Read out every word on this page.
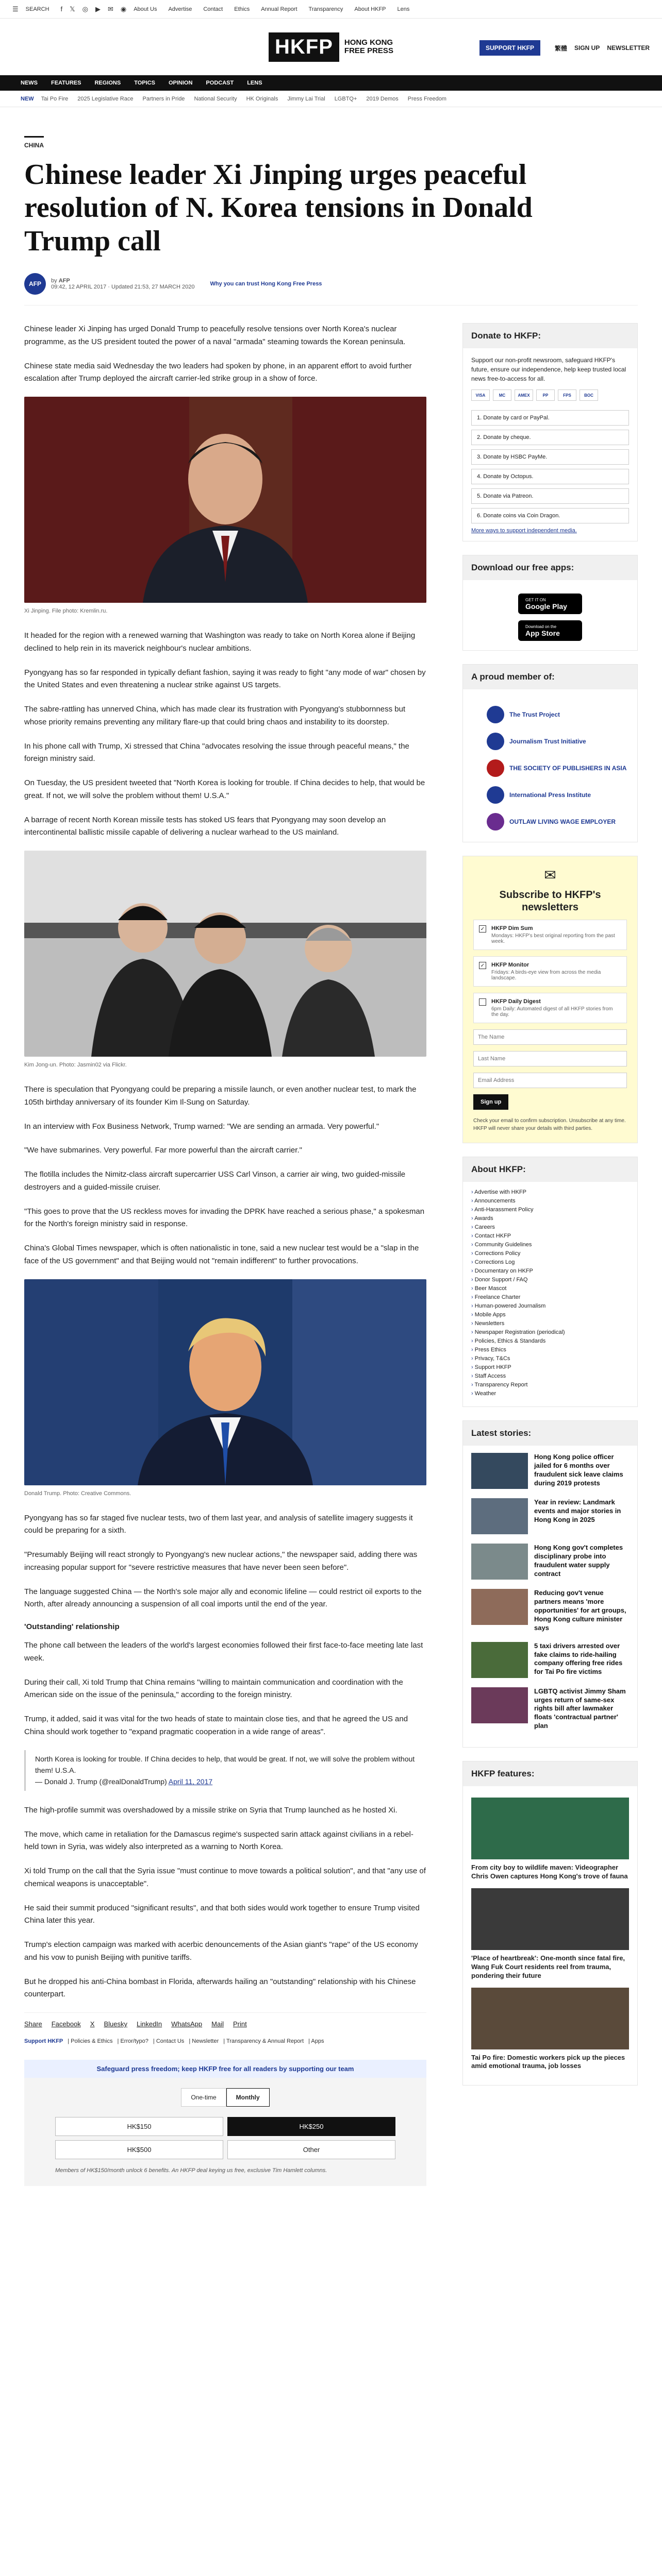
☰ SEARCH f 𝕏 ◎ ▶ ✉ ◉ About Us Advertise Contact Ethics Annual Report Transparency About HKFP Lens
HKFP	HONG KONG
FREE PRESS	SUPPORT HKFP	繁體 SIGN UP NEWSLETTER
NEWS FEATURES REGIONS TOPICS OPINION PODCAST LENS
NEW Tai Po Fire 2025 Legislative Race Partners in Pride National Security HK Originals Jimmy Lai Trial LGBTQ+ 2019 Demos Press Freedom
CHINA
Chinese leader Xi Jinping urges peaceful resolution of N. Korea tensions in Donald Trump call
AFP	by AFP
09:42, 12 APRIL 2017 · Updated 21:53, 27 MARCH 2020	Why you can trust Hong Kong Free Press

Chinese leader Xi Jinping has urged Donald Trump to peacefully resolve tensions over North Korea's nuclear programme, as the US president touted the power of a naval "armada" steaming towards the Korean peninsula.

Chinese state media said Wednesday the two leaders had spoken by phone, in an apparent effort to avoid further escalation after Trump deployed the aircraft carrier-led strike group in a show of force.

Xi Jinping. File photo: Kremlin.ru.

It headed for the region with a renewed warning that Washington was ready to take on North Korea alone if Beijing declined to help rein in its maverick neighbour's nuclear ambitions.

Pyongyang has so far responded in typically defiant fashion, saying it was ready to fight "any mode of war" chosen by the United States and even threatening a nuclear strike against US targets.

The sabre-rattling has unnerved China, which has made clear its frustration with Pyongyang's stubbornness but whose priority remains preventing any military flare-up that could bring chaos and instability to its doorstep.

In his phone call with Trump, Xi stressed that China "advocates resolving the issue through peaceful means," the foreign ministry said.

On Tuesday, the US president tweeted that "North Korea is looking for trouble. If China decides to help, that would be great. If not, we will solve the problem without them! U.S.A."

A barrage of recent North Korean missile tests has stoked US fears that Pyongyang may soon develop an intercontinental ballistic missile capable of delivering a nuclear warhead to the US mainland.

Kim Jong-un. Photo: Jasmin02 via Flickr.

There is speculation that Pyongyang could be preparing a missile launch, or even another nuclear test, to mark the 105th birthday anniversary of its founder Kim Il-Sung on Saturday.

In an interview with Fox Business Network, Trump warned: "We are sending an armada. Very powerful."

"We have submarines. Very powerful. Far more powerful than the aircraft carrier."

The flotilla includes the Nimitz-class aircraft supercarrier USS Carl Vinson, a carrier air wing, two guided-missile destroyers and a guided-missile cruiser.

"This goes to prove that the US reckless moves for invading the DPRK have reached a serious phase," a spokesman for the North's foreign ministry said in response.

China's Global Times newspaper, which is often nationalistic in tone, said a new nuclear test would be a "slap in the face of the US government" and that Beijing would not "remain indifferent" to further provocations.

Donald Trump. Photo: Creative Commons.

Pyongyang has so far staged five nuclear tests, two of them last year, and analysis of satellite imagery suggests it could be preparing for a sixth.

"Presumably Beijing will react strongly to Pyongyang's new nuclear actions," the newspaper said, adding there was increasing popular support for "severe restrictive measures that have never been seen before".

The language suggested China — the North's sole major ally and economic lifeline — could restrict oil exports to the North, after already announcing a suspension of all coal imports until the end of the year.

'Outstanding' relationship

The phone call between the leaders of the world's largest economies followed their first face-to-face meeting late last week.

During their call, Xi told Trump that China remains "willing to maintain communication and coordination with the American side on the issue of the peninsula," according to the foreign ministry.

Trump, it added, said it was vital for the two heads of state to maintain close ties, and that he agreed the US and China should work together to "expand pragmatic cooperation in a wide range of areas".

North Korea is looking for trouble. If China decides to help, that would be great. If not, we will solve the problem without them! U.S.A.
— Donald J. Trump (@realDonaldTrump) April 11, 2017

The high-profile summit was overshadowed by a missile strike on Syria that Trump launched as he hosted Xi.

The move, which came in retaliation for the Damascus regime's suspected sarin attack against civilians in a rebel-held town in Syria, was widely also interpreted as a warning to North Korea.

Xi told Trump on the call that the Syria issue "must continue to move towards a political solution", and that "any use of chemical weapons is unacceptable".

He said their summit produced "significant results", and that both sides would work together to ensure Trump visited China later this year.

Trump's election campaign was marked with acerbic denouncements of the Asian giant's "rape" of the US economy and his vow to punish Beijing with punitive tariffs.

But he dropped his anti-China bombast in Florida, afterwards hailing an "outstanding" relationship with his Chinese counterpart.

Share Facebook X Bluesky LinkedIn WhatsApp Mail Print
Support HKFP | Policies & Ethics | Error/typo? | Contact Us | Newsletter | Transparency & Annual Report | Apps
Safeguard press freedom; keep HKFP free for all readers by supporting our team
One-time	Monthly
HK$150	HK$250
HK$500	Other
Members of HK$150/month unlock 6 benefits. An HKFP deal keying us free, exclusive Tim Hamlett columns.
Donate to HKFP:
Support our non-profit newsroom, safeguard HKFP's future, ensure our independence, help keep trusted local news free-to-access for all.
VISA	MC	AMEX	PP	FPS	BOC
1. Donate by card or PayPal.
2. Donate by cheque.
3. Donate by HSBC PayMe.
4. Donate by Octopus.
5. Donate via Patreon.
6. Donate coins via Coin Dragon.
More ways to support independent media.
Download our free apps:
GET IT ON
Google Play
Download on the
App Store
A proud member of:
The Trust Project
Journalism Trust Initiative
THE SOCIETY OF PUBLISHERS IN ASIA
International Press Institute
OUTLAW LIVING WAGE EMPLOYER
✉
Subscribe to HKFP's newsletters
✓ HKFP Dim Sum
Mondays: HKFP's best original reporting from the past week.
✓ HKFP Monitor
Fridays: A birds-eye view from across the media landscape.
HKFP Daily Digest
6pm Daily: Automated digest of all HKFP stories from the day.
The Name Last Name Email Address Sign up
Check your email to confirm subscription. Unsubscribe at any time. HKFP will never share your details with third parties.
About HKFP:
› Advertise with HKFP
› Announcements
› Anti-Harassment Policy
› Awards
› Careers
› Contact HKFP
› Community Guidelines
› Corrections Policy
› Corrections Log
› Documentary on HKFP
› Donor Support / FAQ
› Beer Mascot
› Freelance Charter
› Human-powered Journalism
› Mobile Apps
› Newsletters
› Newspaper Registration (periodical)
› Policies, Ethics & Standards
› Press Ethics
› Privacy, T&Cs
› Support HKFP
› Staff Access
› Transparency Report
› Weather
Latest stories:
Hong Kong police officer jailed for 6 months over fraudulent sick leave claims during 2019 protests
Year in review: Landmark events and major stories in Hong Kong in 2025
Hong Kong gov't completes disciplinary probe into fraudulent water supply contract
Reducing gov't venue partners means 'more opportunities' for art groups, Hong Kong culture minister says
5 taxi drivers arrested over fake claims to ride-hailing company offering free rides for Tai Po fire victims
LGBTQ activist Jimmy Sham urges return of same-sex rights bill after lawmaker floats 'contractual partner' plan
HKFP features:
From city boy to wildlife maven: Videographer Chris Owen captures Hong Kong's trove of fauna
'Place of heartbreak': One-month since fatal fire, Wang Fuk Court residents reel from trauma, pondering their future
Tai Po fire: Domestic workers pick up the pieces amid emotional trauma, job losses
